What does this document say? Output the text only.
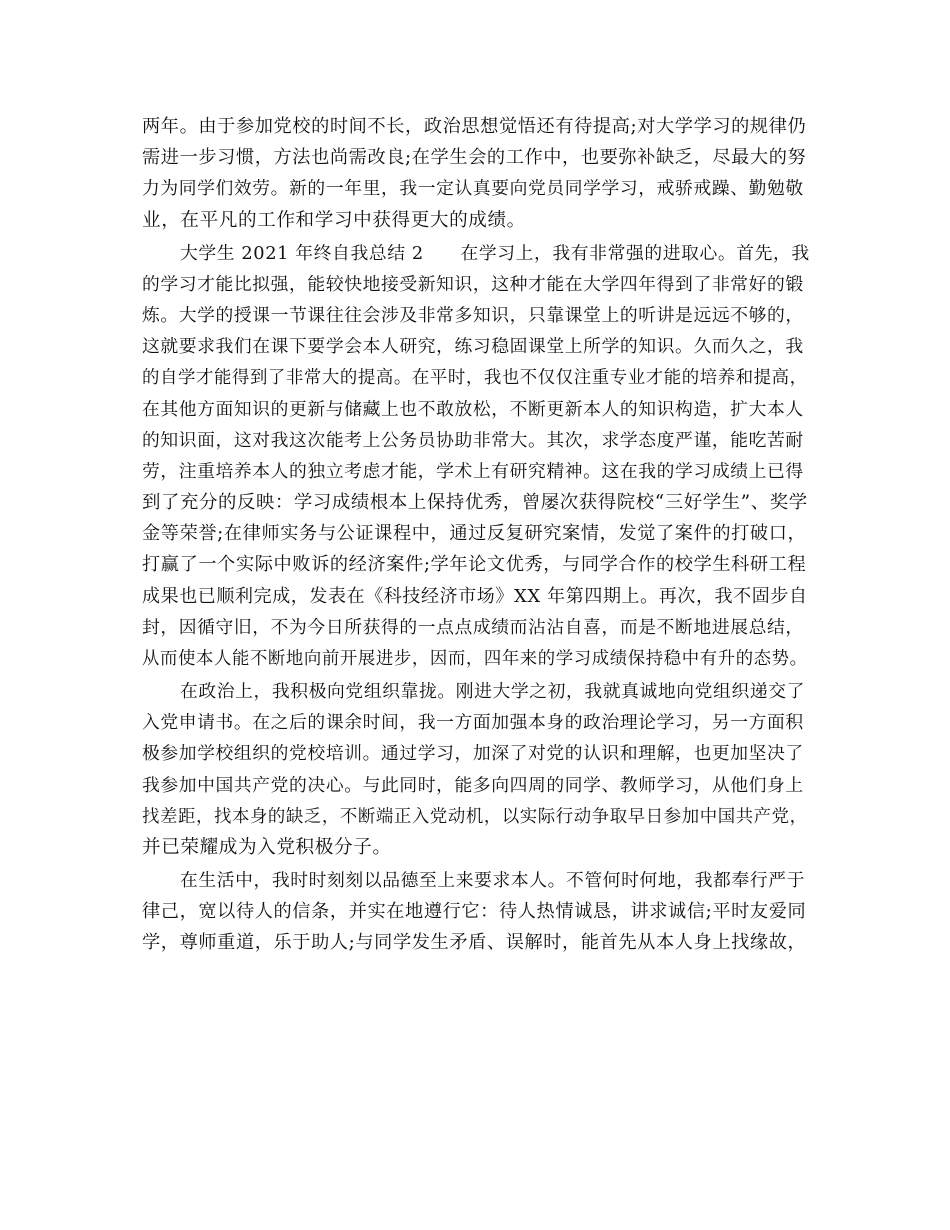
两年。由于参加党校的时间不长，政治思想觉悟还有待提高;对大学学习的规律仍
需进一步习惯，方法也尚需改良;在学生会的工作中，也要弥补缺乏，尽最大的努
力为同学们效劳。新的一年里，我一定认真要向党员同学学习，戒骄戒躁、勤勉敬
业，在平凡的工作和学习中获得更大的成绩。
大学生 2021 年终自我总结 2　　在学习上，我有非常强的进取心。首先，我
的学习才能比拟强，能较快地接受新知识，这种才能在大学四年得到了非常好的锻
炼。大学的授课一节课往往会涉及非常多知识，只靠课堂上的听讲是远远不够的，
这就要求我们在课下要学会本人研究，练习稳固课堂上所学的知识。久而久之，我
的自学才能得到了非常大的提高。在平时，我也不仅仅注重专业才能的培养和提高，
在其他方面知识的更新与储藏上也不敢放松，不断更新本人的知识构造，扩大本人
的知识面，这对我这次能考上公务员协助非常大。其次，求学态度严谨，能吃苦耐
劳，注重培养本人的独立考虑才能，学术上有研究精神。这在我的学习成绩上已得
到了充分的反映：学习成绩根本上保持优秀，曾屡次获得院校“三好学生”、奖学
金等荣誉;在律师实务与公证课程中，通过反复研究案情，发觉了案件的打破口，
打赢了一个实际中败诉的经济案件;学年论文优秀，与同学合作的校学生科研工程
成果也已顺利完成，发表在《科技经济市场》XX 年第四期上。再次，我不固步自
封，因循守旧，不为今日所获得的一点点成绩而沾沾自喜，而是不断地进展总结，
从而使本人能不断地向前开展进步，因而，四年来的学习成绩保持稳中有升的态势。
在政治上，我积极向党组织靠拢。刚进大学之初，我就真诚地向党组织递交了
入党申请书。在之后的课余时间，我一方面加强本身的政治理论学习，另一方面积
极参加学校组织的党校培训。通过学习，加深了对党的认识和理解，也更加坚决了
我参加中国共产党的决心。与此同时，能多向四周的同学、教师学习，从他们身上
找差距，找本身的缺乏，不断端正入党动机，以实际行动争取早日参加中国共产党，
并已荣耀成为入党积极分子。
在生活中，我时时刻刻以品德至上来要求本人。不管何时何地，我都奉行严于
律己，宽以待人的信条，并实在地遵行它：待人热情诚恳，讲求诚信;平时友爱同
学，尊师重道，乐于助人;与同学发生矛盾、误解时，能首先从本人身上找缘故，
